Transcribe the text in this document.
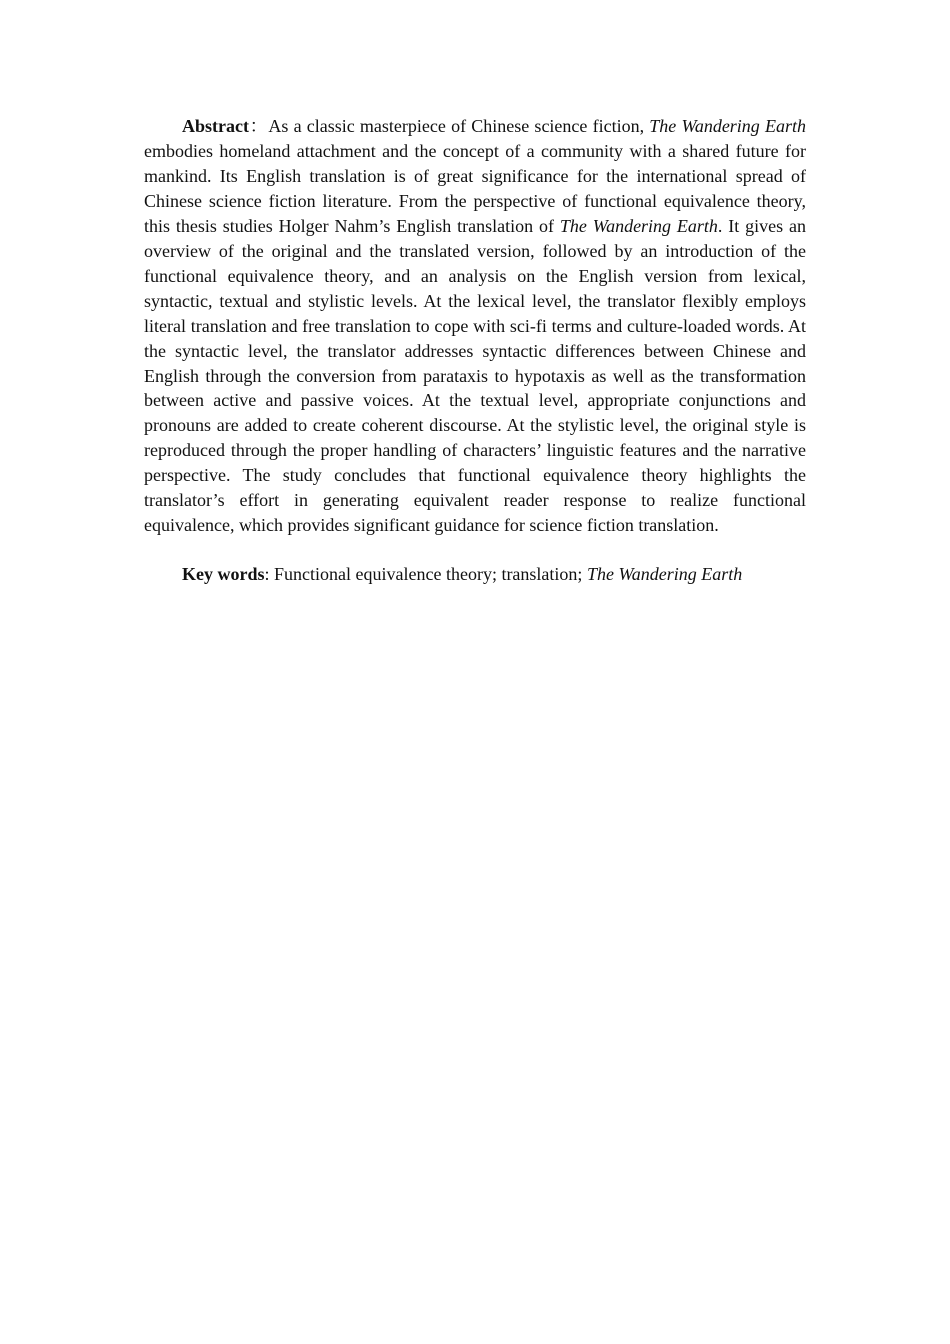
Abstract：As a classic masterpiece of Chinese science fiction, The Wandering Earth embodies homeland attachment and the concept of a community with a shared future for mankind. Its English translation is of great significance for the international spread of Chinese science fiction literature. From the perspective of functional equivalence theory, this thesis studies Holger Nahm’s English translation of The Wandering Earth. It gives an overview of the original and the translated version, followed by an introduction of the functional equivalence theory, and an analysis on the English version from lexical, syntactic, textual and stylistic levels. At the lexical level, the translator flexibly employs literal translation and free translation to cope with sci-fi terms and culture-loaded words. At the syntactic level, the translator addresses syntactic differences between Chinese and English through the conversion from parataxis to hypotaxis as well as the transformation between active and passive voices. At the textual level, appropriate conjunctions and pronouns are added to create coherent discourse. At the stylistic level, the original style is reproduced through the proper handling of characters’ linguistic features and the narrative perspective. The study concludes that functional equivalence theory highlights the translator’s effort in generating equivalent reader response to realize functional equivalence, which provides significant guidance for science fiction translation.

Key words: Functional equivalence theory; translation; The Wandering Earth
